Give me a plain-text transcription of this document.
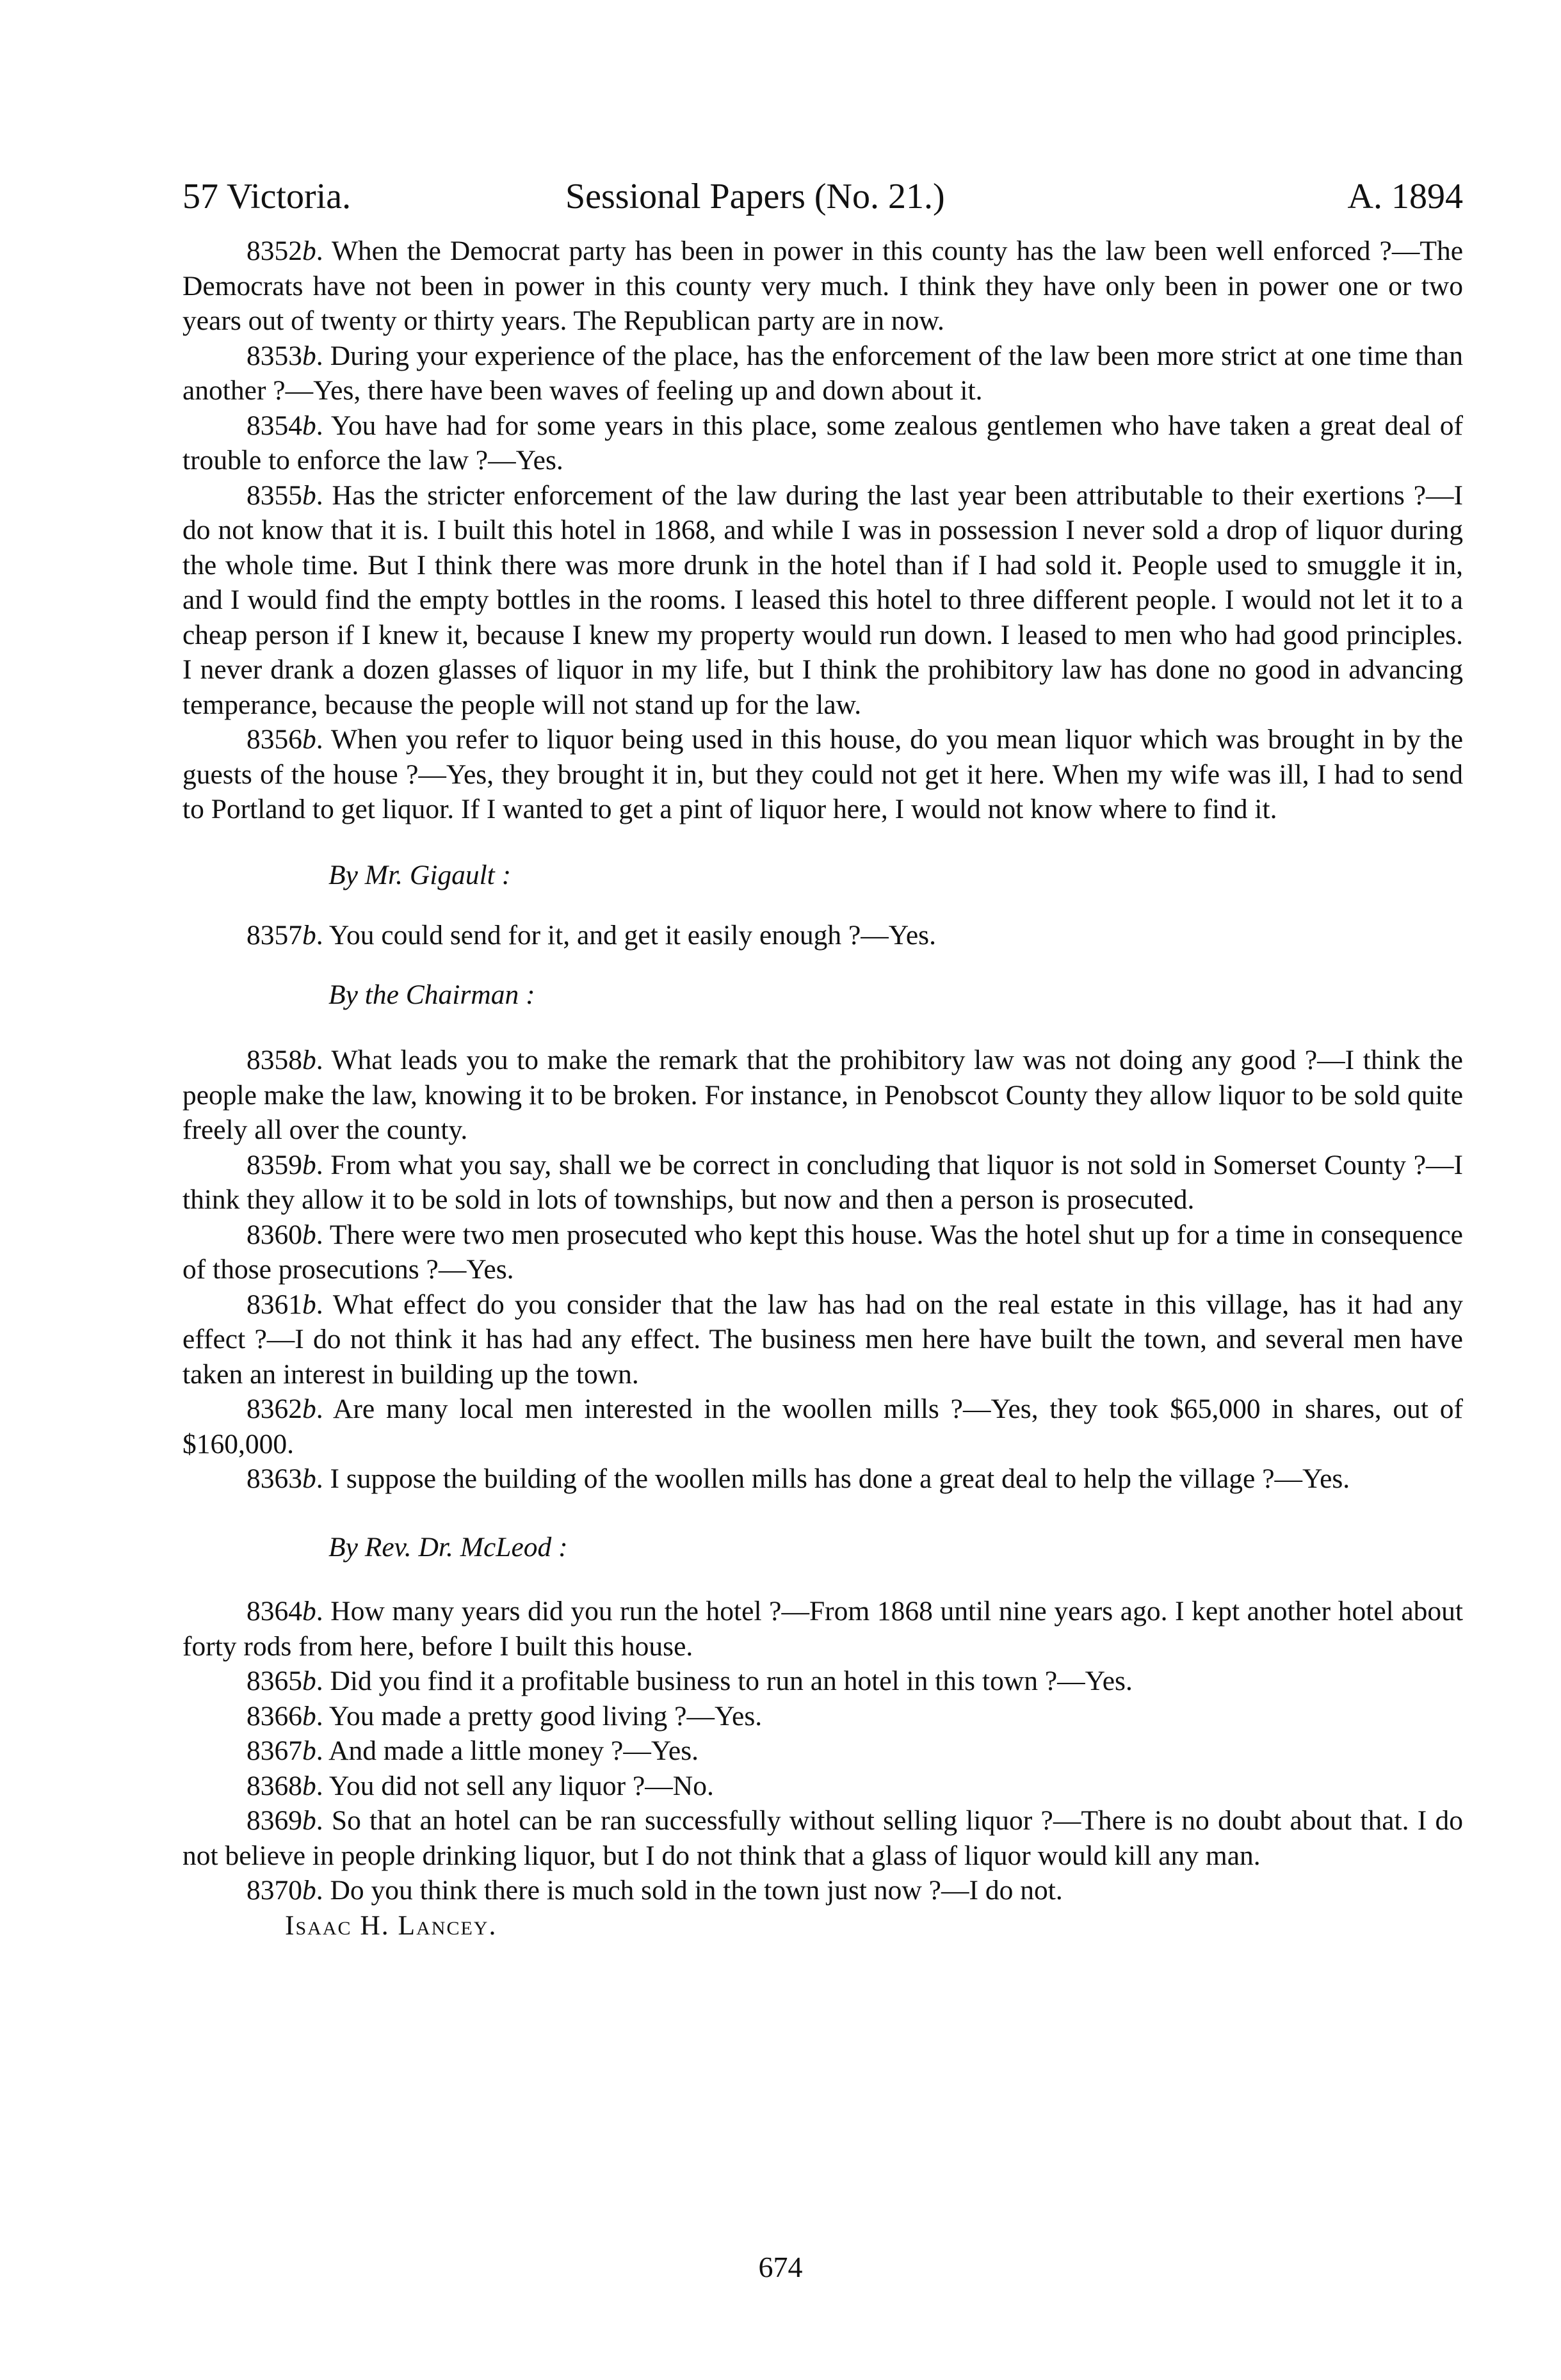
57 Victoria.	Sessional Papers (No. 21.)	A. 1894

8352b. When the Democrat party has been in power in this county has the law been well enforced ?—The Democrats have not been in power in this county very much. I think they have only been in power one or two years out of twenty or thirty years. The Republican party are in now.

8353b. During your experience of the place, has the enforcement of the law been more strict at one time than another ?—Yes, there have been waves of feeling up and down about it.

8354b. You have had for some years in this place, some zealous gentlemen who have taken a great deal of trouble to enforce the law ?—Yes.

8355b. Has the stricter enforcement of the law during the last year been attributable to their exertions ?—I do not know that it is. I built this hotel in 1868, and while I was in possession I never sold a drop of liquor during the whole time. But I think there was more drunk in the hotel than if I had sold it. People used to smuggle it in, and I would find the empty bottles in the rooms. I leased this hotel to three different people. I would not let it to a cheap person if I knew it, because I knew my property would run down. I leased to men who had good principles. I never drank a dozen glasses of liquor in my life, but I think the prohibitory law has done no good in advancing temperance, because the people will not stand up for the law.

8356b. When you refer to liquor being used in this house, do you mean liquor which was brought in by the guests of the house ?—Yes, they brought it in, but they could not get it here. When my wife was ill, I had to send to Portland to get liquor. If I wanted to get a pint of liquor here, I would not know where to find it.

By Mr. Gigault :

8357b. You could send for it, and get it easily enough ?—Yes.

By the Chairman :

8358b. What leads you to make the remark that the prohibitory law was not doing any good ?—I think the people make the law, knowing it to be broken. For instance, in Penobscot County they allow liquor to be sold quite freely all over the county.

8359b. From what you say, shall we be correct in concluding that liquor is not sold in Somerset County ?—I think they allow it to be sold in lots of townships, but now and then a person is prosecuted.

8360b. There were two men prosecuted who kept this house. Was the hotel shut up for a time in consequence of those prosecutions ?—Yes.

8361b. What effect do you consider that the law has had on the real estate in this village, has it had any effect ?—I do not think it has had any effect. The business men here have built the town, and several men have taken an interest in building up the town.

8362b. Are many local men interested in the woollen mills ?—Yes, they took $65,000 in shares, out of $160,000.

8363b. I suppose the building of the woollen mills has done a great deal to help the village ?—Yes.

By Rev. Dr. McLeod :

8364b. How many years did you run the hotel ?—From 1868 until nine years ago. I kept another hotel about forty rods from here, before I built this house.

8365b. Did you find it a profitable business to run an hotel in this town ?—Yes.

8366b. You made a pretty good living ?—Yes.

8367b. And made a little money ?—Yes.

8368b. You did not sell any liquor ?—No.

8369b. So that an hotel can be ran successfully without selling liquor ?—There is no doubt about that. I do not believe in people drinking liquor, but I do not think that a glass of liquor would kill any man.

8370b. Do you think there is much sold in the town just now ?—I do not.

Isaac H. Lancey.

674
